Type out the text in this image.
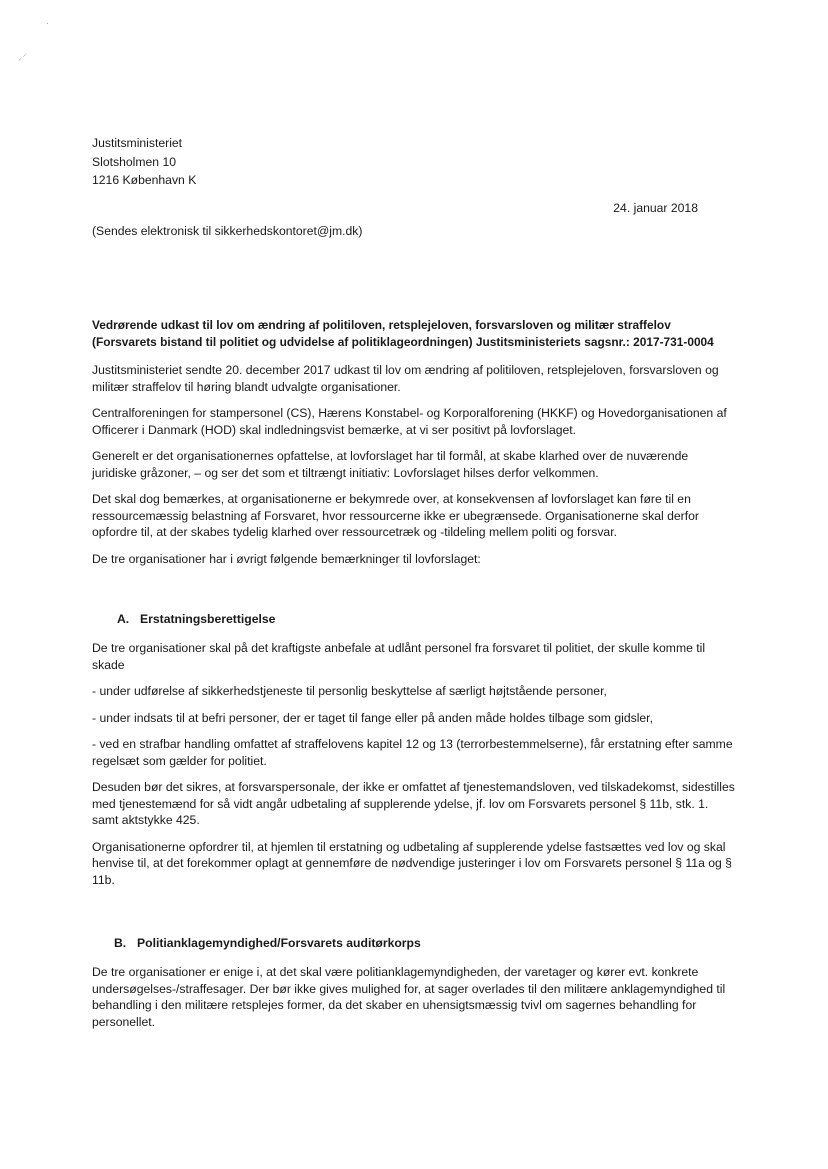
·
⸝⸍
Justitsministeriet
Slotsholmen 10
1216 København K
24. januar 2018
(Sendes elektronisk til sikkerhedskontoret@jm.dk)
Vedrørende udkast til lov om ændring af politiloven, retsplejeloven, forsvarsloven og militær straffelov (Forsvarets bistand til politiet og udvidelse af politiklageordningen) Justitsministeriets sagsnr.: 2017-731-0004

Justitsministeriet sendte 20. december 2017 udkast til lov om ændring af politiloven, retsplejeloven, forsvarsloven og militær straffelov til høring blandt udvalgte organisationer.

Centralforeningen for stampersonel (CS), Hærens Konstabel- og Korporalforening (HKKF) og Hovedorganisationen af Officerer i Danmark (HOD) skal indledningsvist bemærke, at vi ser positivt på lovforslaget.

Generelt er det organisationernes opfattelse, at lovforslaget har til formål, at skabe klarhed over de nuværende juridiske gråzoner, – og ser det som et tiltrængt initiativ: Lovforslaget hilses derfor velkommen.

Det skal dog bemærkes, at organisationerne er bekymrede over, at konsekvensen af lovforslaget kan føre til en ressourcemæssig belastning af Forsvaret, hvor ressourcerne ikke er ubegrænsede. Organisationerne skal derfor opfordre til, at der skabes tydelig klarhed over ressourcetræk og -tildeling mellem politi og forsvar.

De tre organisationer har i øvrigt følgende bemærkninger til lovforslaget:

A. Erstatningsberettigelse

De tre organisationer skal på det kraftigste anbefale at udlånt personel fra forsvaret til politiet, der skulle komme til skade

- under udførelse af sikkerhedstjeneste til personlig beskyttelse af særligt højtstående personer,

- under indsats til at befri personer, der er taget til fange eller på anden måde holdes tilbage som gidsler,

- ved en strafbar handling omfattet af straffelovens kapitel 12 og 13 (terrorbestemmelserne), får erstatning efter samme regelsæt som gælder for politiet.

Desuden bør det sikres, at forsvarspersonale, der ikke er omfattet af tjenestemandsloven, ved tilskadekomst, sidestilles med tjenestemænd for så vidt angår udbetaling af supplerende ydelse, jf. lov om Forsvarets personel § 11b, stk. 1. samt aktstykke 425.

Organisationerne opfordrer til, at hjemlen til erstatning og udbetaling af supplerende ydelse fastsættes ved lov og skal henvise til, at det forekommer oplagt at gennemføre de nødvendige justeringer i lov om Forsvarets personel § 11a og § 11b.

B. Politianklagemyndighed/Forsvarets auditørkorps

De tre organisationer er enige i, at det skal være politianklagemyndigheden, der varetager og kører evt. konkrete undersøgelses-/straffesager. Der bør ikke gives mulighed for, at sager overlades til den militære anklagemyndighed til behandling i den militære retsplejes former, da det skaber en uhensigtsmæssig tvivl om sagernes behandling for personellet.
